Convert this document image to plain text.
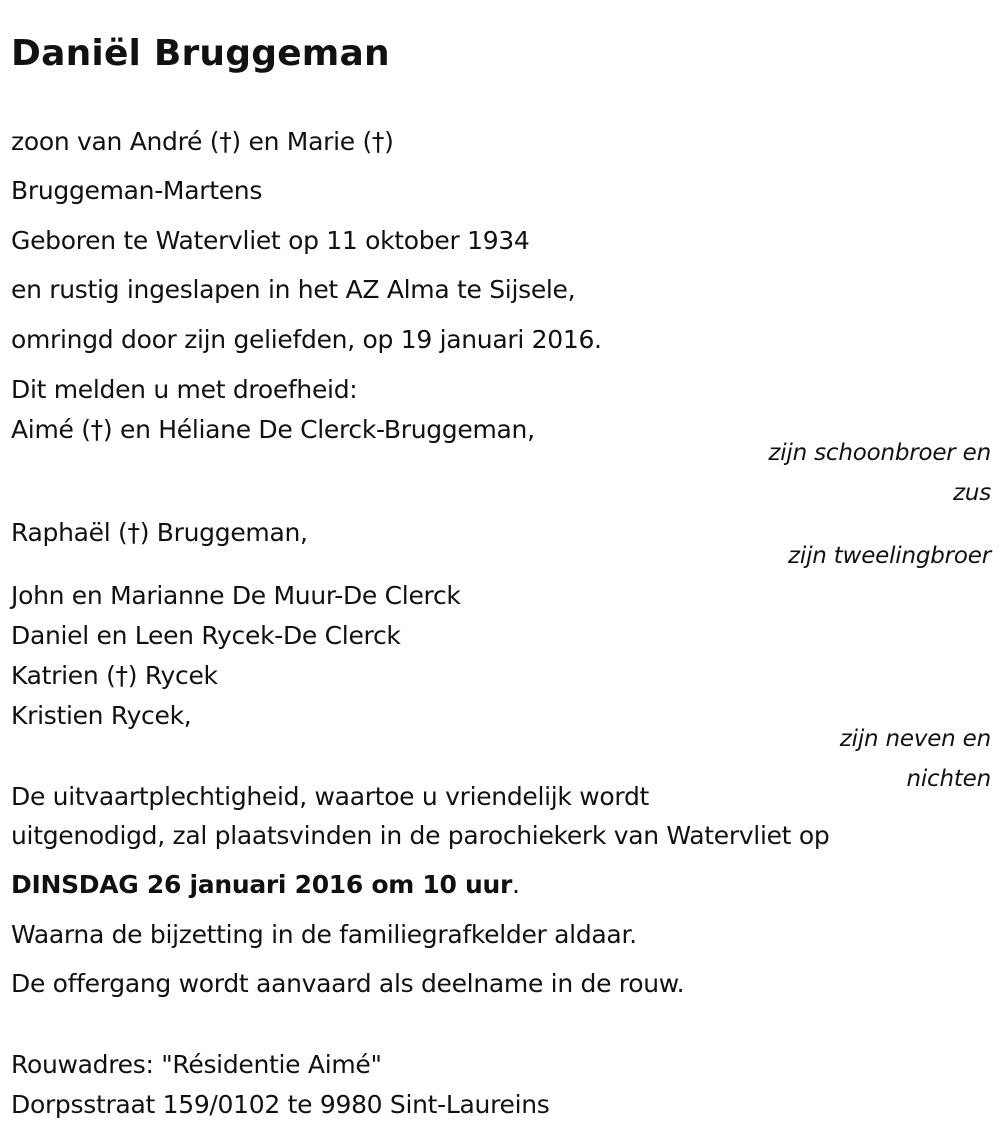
Daniël Bruggeman
zoon van André (†) en Marie (†)
Bruggeman-Martens
Geboren te Watervliet op 11 oktober 1934
en rustig ingeslapen in het AZ Alma te Sijsele,
omringd door zijn geliefden, op 19 januari 2016.
Dit melden u met droefheid:
Aimé (†) en Héliane De Clerck-Bruggeman,
zijn schoonbroer en
zus
Raphaël (†) Bruggeman,
zijn tweelingbroer
John en Marianne De Muur-De Clerck
Daniel en Leen Rycek-De Clerck
Katrien (†) Rycek
Kristien Rycek,
zijn neven en
nichten
De uitvaartplechtigheid, waartoe u vriendelijk wordt
uitgenodigd, zal plaatsvinden in de parochiekerk van Watervliet op
DINSDAG 26 januari 2016 om 10 uur.
Waarna de bijzetting in de familiegrafkelder aldaar.
De offergang wordt aanvaard als deelname in de rouw.
Rouwadres: "Résidentie Aimé"
Dorpsstraat 159/0102 te 9980 Sint-Laureins
